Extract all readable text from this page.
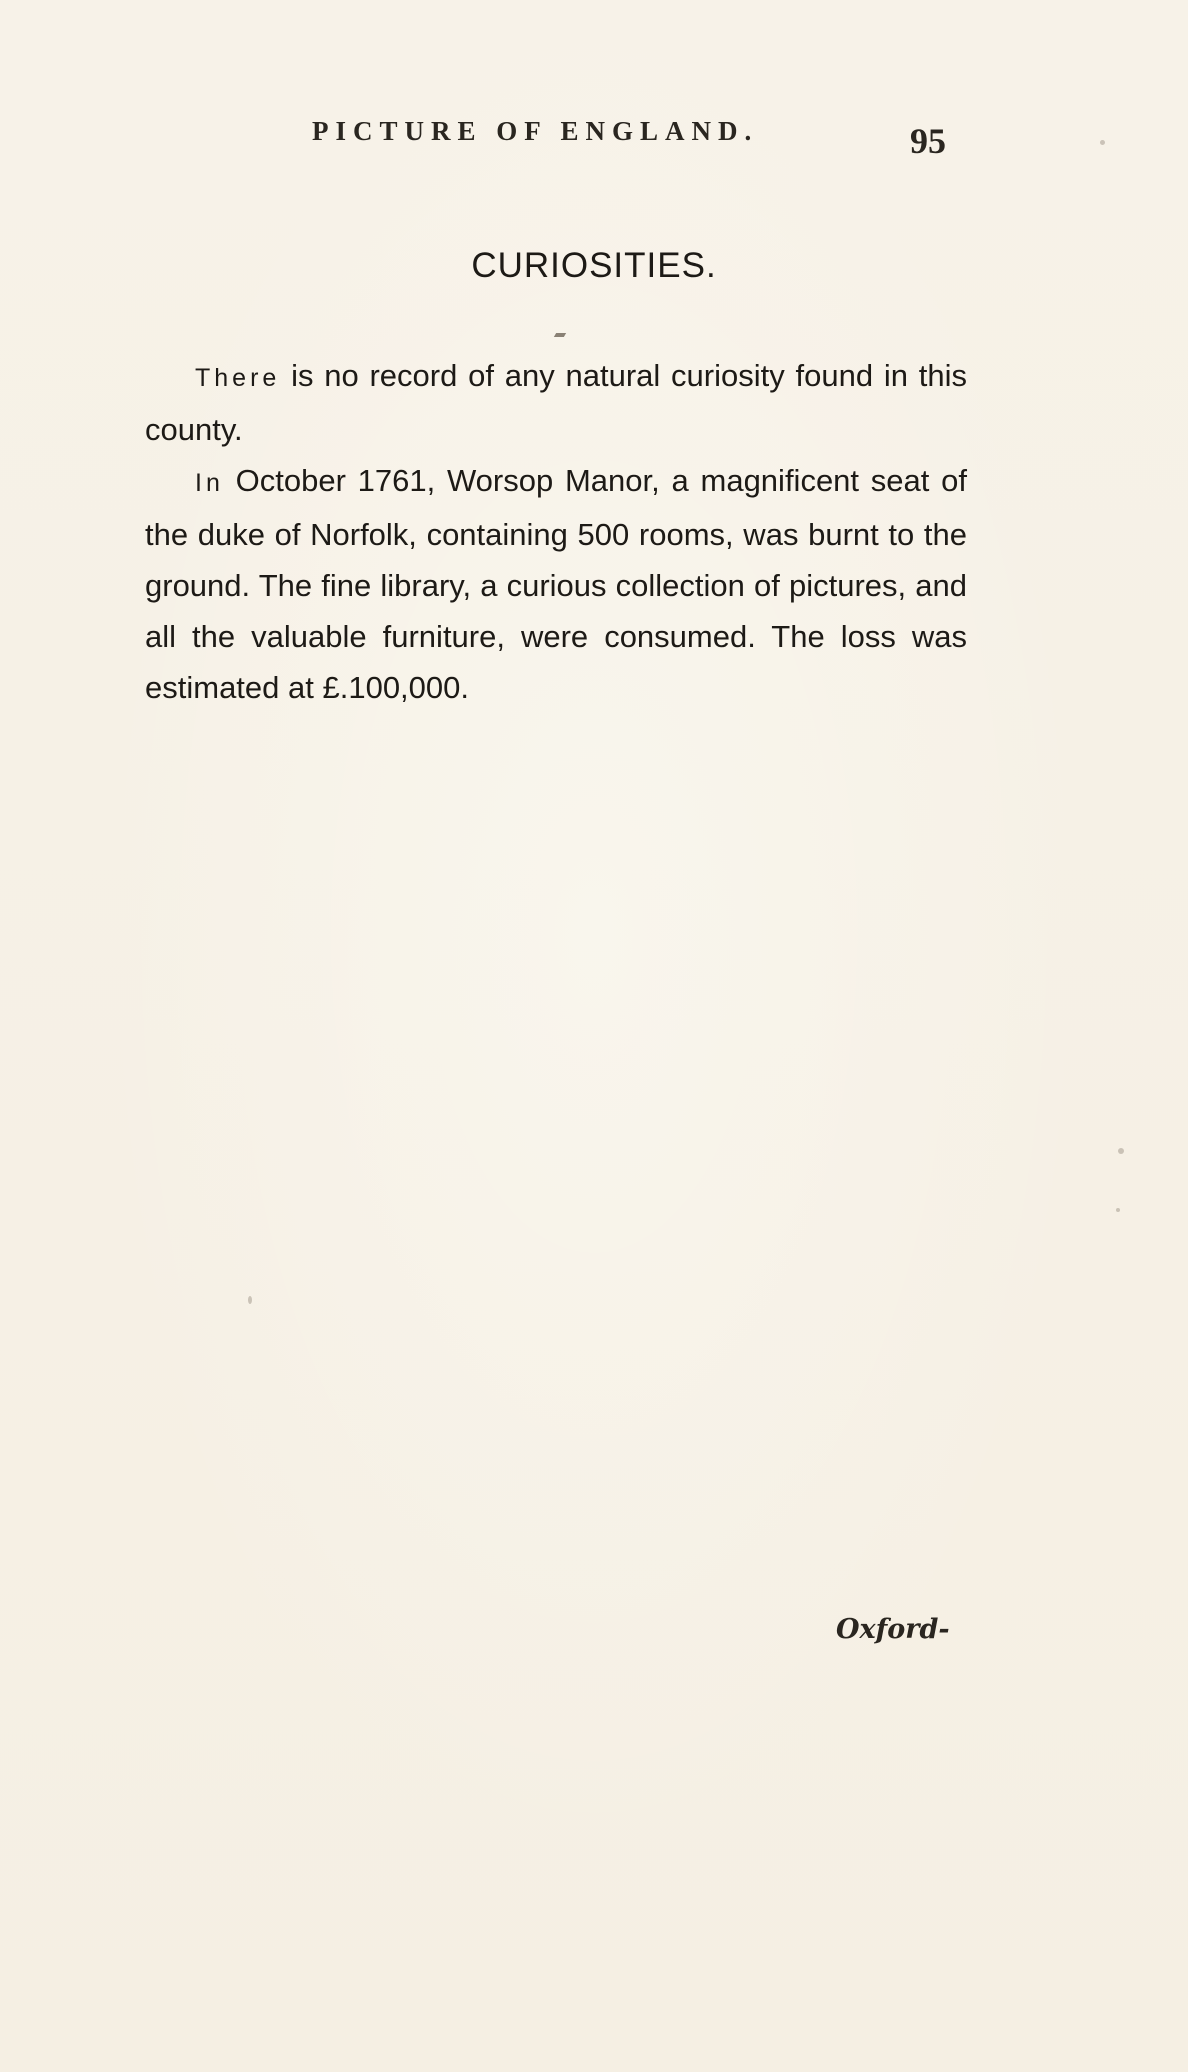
PICTURE OF ENGLAND.	95
CURIOSITIES.

There is no record of any natural curiosity found in this county.

In October 1761, Worsop Manor, a magnificent seat of the duke of Norfolk, containing 500 rooms, was burnt to the ground. The fine library, a curious collection of pictures, and all the valuable furniture, were consumed. The loss was estimated at £.100,000.

Oxford-
